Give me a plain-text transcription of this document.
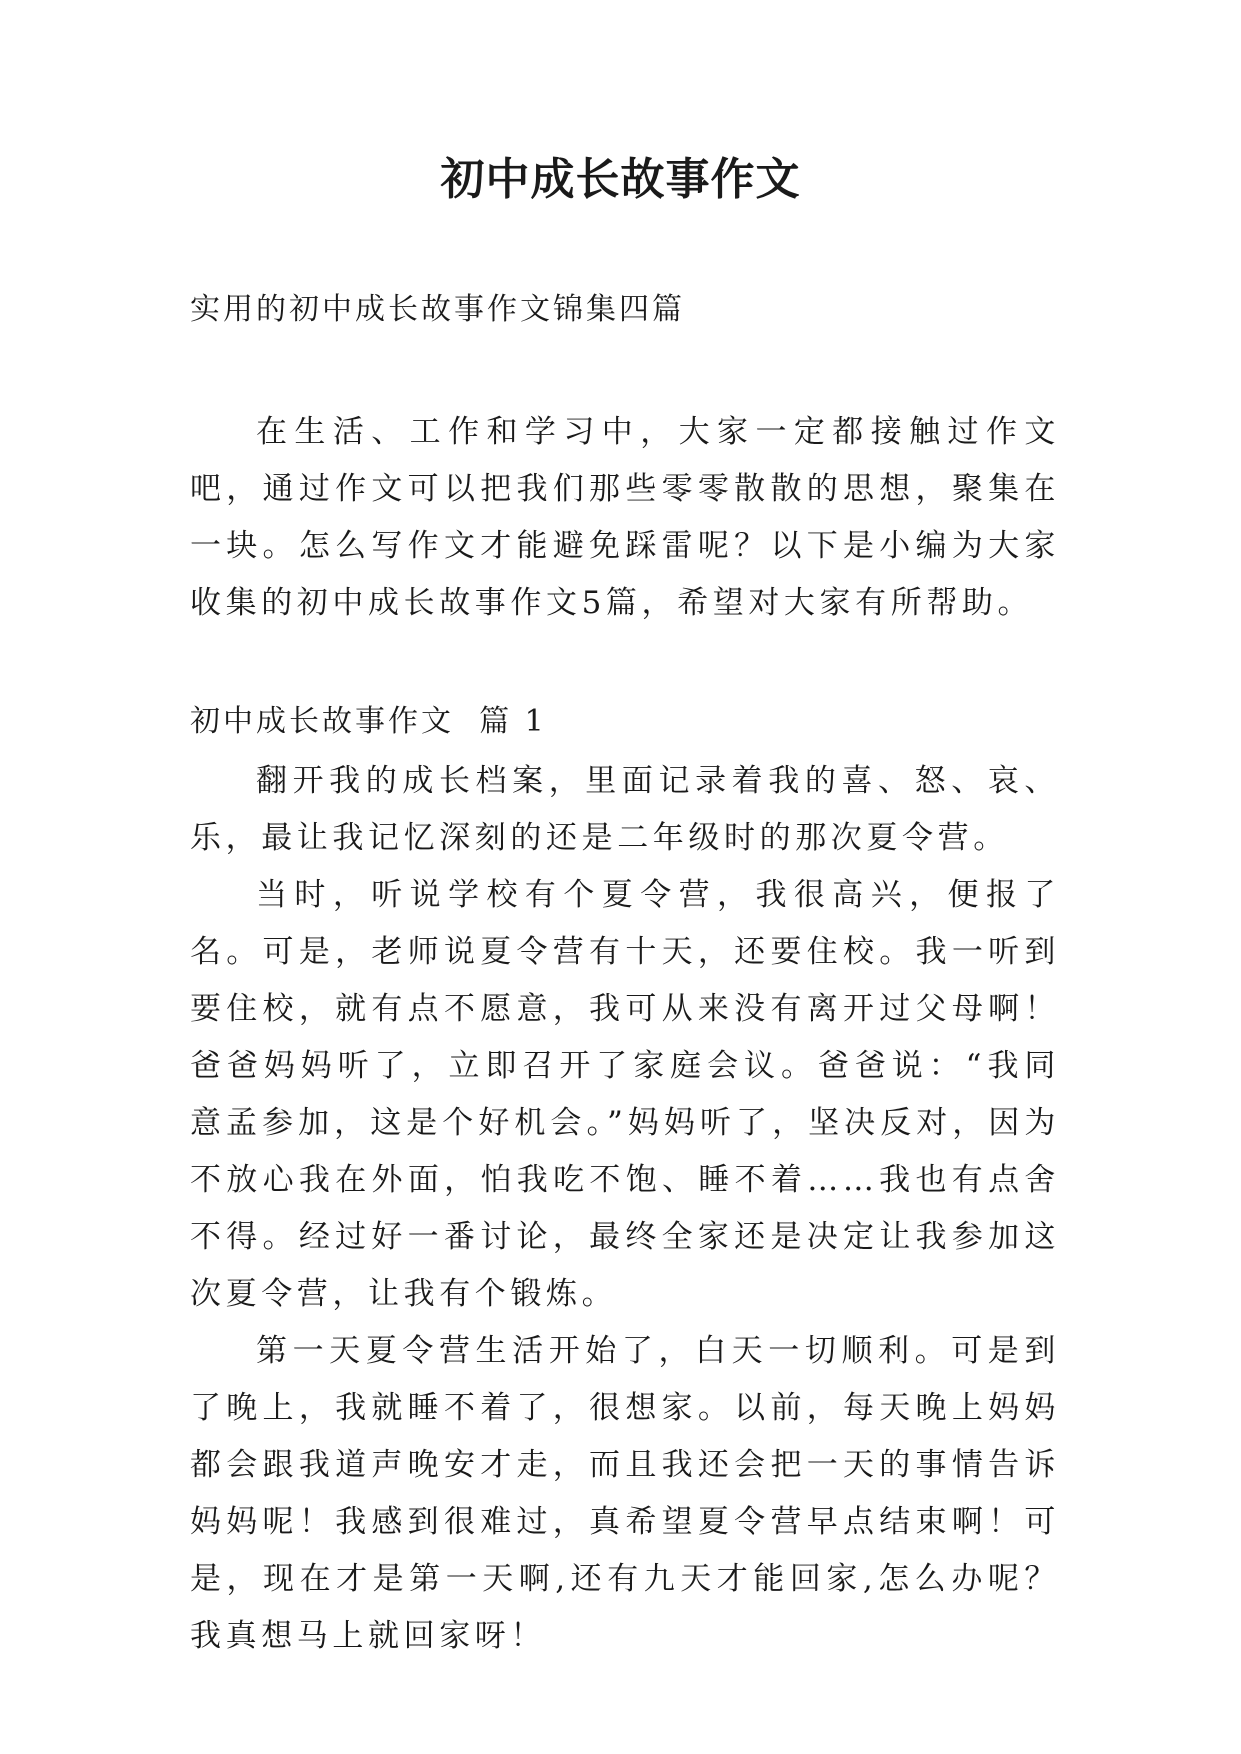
初中成长故事作文

实用的初中成长故事作文锦集四篇

在生活、工作和学习中，大家一定都接触过作文吧，通过作文可以把我们那些零零散散的思想，聚集在一块。怎么写作文才能避免踩雷呢？以下是小编为大家收集的初中成长故事作文5篇，希望对大家有所帮助。

初中成长故事作文  篇 1

翻开我的成长档案，里面记录着我的喜、怒、哀、乐，最让我记忆深刻的还是二年级时的那次夏令营。

当时，听说学校有个夏令营，我很高兴，便报了名。可是，老师说夏令营有十天，还要住校。我一听到要住校，就有点不愿意，我可从来没有离开过父母啊！爸爸妈妈听了，立即召开了家庭会议。爸爸说：“我同意孟参加，这是个好机会。”妈妈听了，坚决反对，因为不放心我在外面，怕我吃不饱、睡不着……我也有点舍不得。经过好一番讨论，最终全家还是决定让我参加这次夏令营，让我有个锻炼。

第一天夏令营生活开始了，白天一切顺利。可是到了晚上，我就睡不着了，很想家。以前，每天晚上妈妈都会跟我道声晚安才走，而且我还会把一天的事情告诉妈妈呢！我感到很难过，真希望夏令营早点结束啊！可是，现在才是第一天啊,还有九天才能回家,怎么办呢？我真想马上就回家呀！
